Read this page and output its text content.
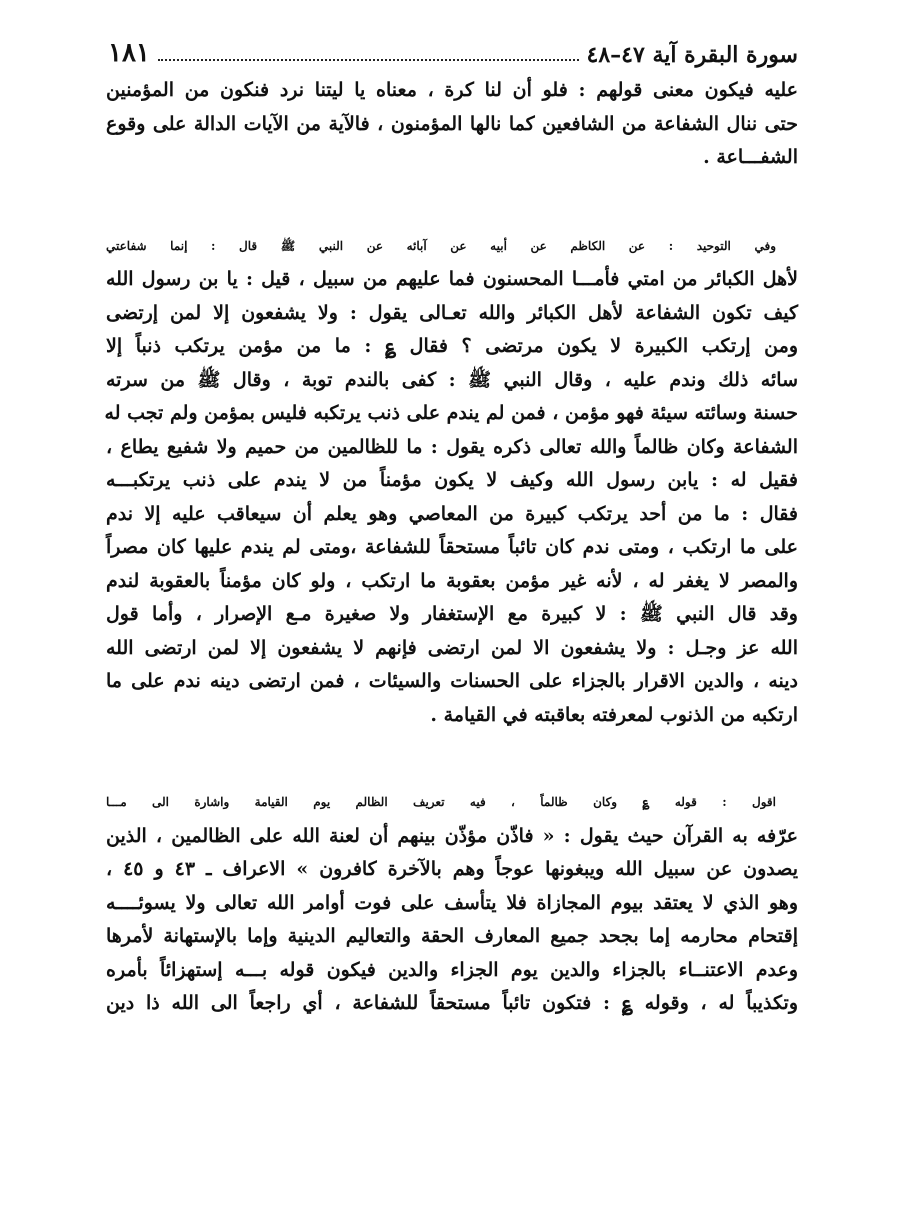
سورة البقرة آية ٤٧–٤٨
١٨١

عليه فيكون معنى قولهم : فلو أن لنا كرة ، معناه يا ليتنا نرد فنكون من المؤمنين
حتى ننال الشفاعة من الشافعين كما نالها المؤمنون ، فالآية من الآيات الدالة على وقوع
الشفـــاعة .

وفي التوحيد : عن الكاظم عن أبيه عن آبائه عن النبي ﷺ قال : إنما شفاعتي
لأهل الكبائر من امتي فأمـــا المحسنون فما عليهم من سبيل ، قيل : يا بن رسول الله
كيف تكون الشفاعة لأهل الكبائر والله تعـالى يقول : ولا يشفعون إلا لمن إرتضى
ومن إرتكب الكبيرة لا يكون مرتضى ؟ فقال ؏ : ما من مؤمن يرتكب ذنباً إلا
سائه ذلك وندم عليه ، وقال النبي ﷺ : كفى بالندم توبة ، وقال ﷺ من سرته
حسنة وسائته سيئة فهو مؤمن ، فمن لم يندم على ذنب يرتكبه فليس بمؤمن ولم تجب له
الشفاعة وكان ظالماً والله تعالى ذكره يقول : ما للظالمين من حميم ولا شفيع يطاع ،
فقيل له : يابن رسول الله وكيف لا يكون مؤمناً من لا يندم على ذنب يرتكبـــه
فقال : ما من أحد يرتكب كبيرة من المعاصي وهو يعلم أن سيعاقب عليه إلا ندم
على ما ارتكب ، ومتى ندم كان تائباً مستحقاً للشفاعة ،ومتى لم يندم عليها كان مصراً
والمصر لا يغفر له ، لأنه غير مؤمن بعقوبة ما ارتكب ، ولو كان مؤمناً بالعقوبة لندم
وقد قال النبي ﷺ : لا كبيرة مع الإستغفار ولا صغيرة مـع الإصرار ، وأما قول
الله عز وجـل : ولا يشفعون الا لمن ارتضى فإنهم لا يشفعون إلا لمن ارتضى الله
دينه ، والدين الاقرار بالجزاء على الحسنات والسيئات ، فمن ارتضى دينه ندم على ما
ارتكبه من الذنوب لمعرفته بعاقبته في القيامة .

اقول : قوله ؏ وكان ظالماً ، فيه تعريف الظالم يوم القيامة واشارة الى مـــا
عرّفه به القرآن حيث يقول : « فاذّن مؤذّن بينهم أن لعنة الله على الظالمين ، الذين
يصدون عن سبيل الله ويبغونها عوجاً وهم بالآخرة كافرون » الاعراف ـ ٤٣ و ٤٥ ،
وهو الذي لا يعتقد بيوم المجازاة فلا يتأسف على فوت أوامر الله تعالى ولا يسوئــــه
إقتحام محارمه إما بجحد جميع المعارف الحقة والتعاليم الدينية وإما بالإستهانة لأمرها
وعدم الاعتنــاء بالجزاء والدين يوم الجزاء والدين فيكون قوله بـــه إستهزائاً بأمره
وتكذيباً له ، وقوله ؏ : فتكون تائباً مستحقاً للشفاعة ، أي راجعاً الى الله ذا دين
